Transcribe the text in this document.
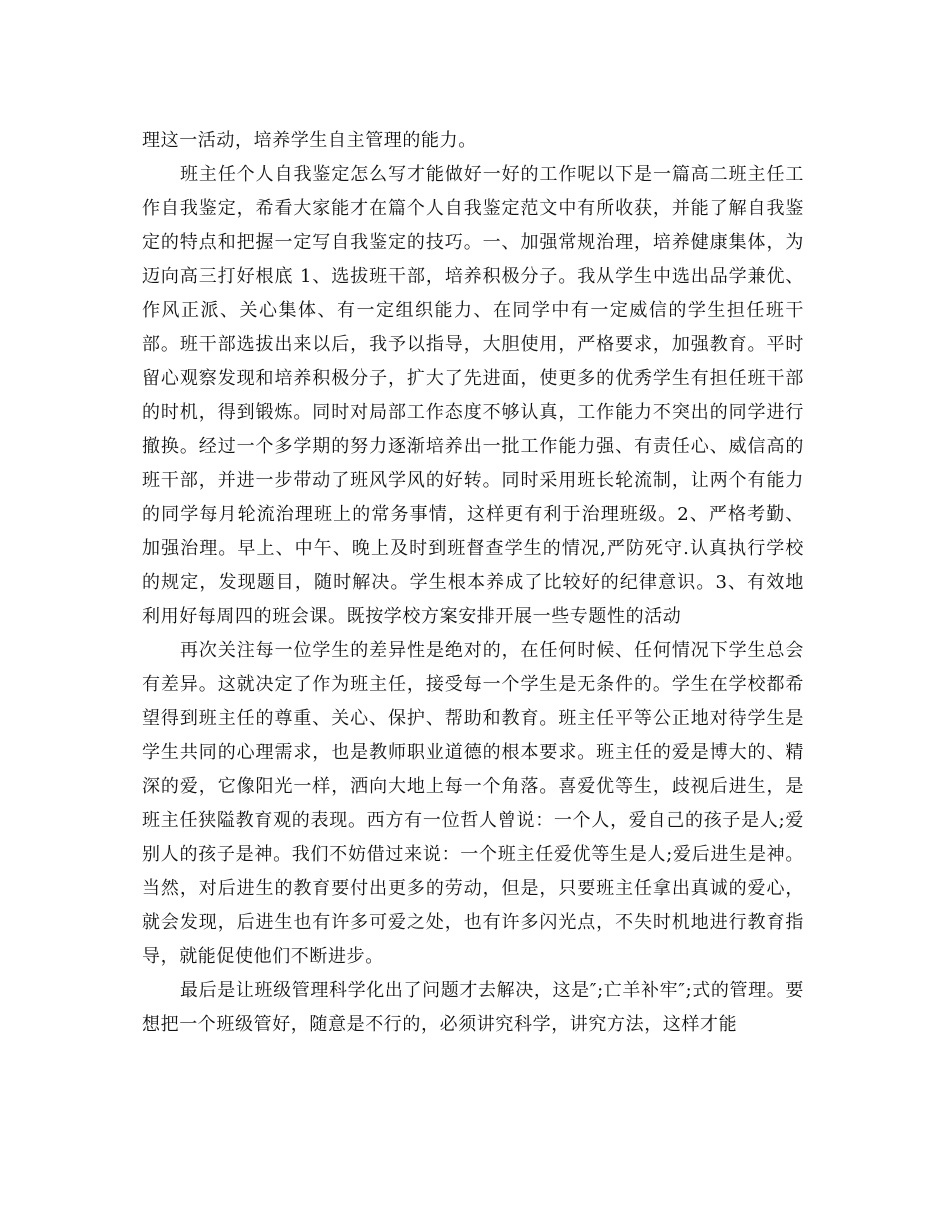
理这一活动，培养学生自主管理的能力。

班主任个人自我鉴定怎么写才能做好一好的工作呢以下是一篇高二班主任工作自我鉴定，希看大家能才在篇个人自我鉴定范文中有所收获，并能了解自我鉴定的特点和把握一定写自我鉴定的技巧。一、加强常规治理，培养健康集体，为迈向高三打好根底 1、选拔班干部，培养积极分子。我从学生中选出品学兼优、作风正派、关心集体、有一定组织能力、在同学中有一定威信的学生担任班干部。班干部选拔出来以后，我予以指导，大胆使用，严格要求，加强教育。平时留心观察发现和培养积极分子，扩大了先进面，使更多的优秀学生有担任班干部的时机，得到锻炼。同时对局部工作态度不够认真，工作能力不突出的同学进行撤换。经过一个多学期的努力逐渐培养出一批工作能力强、有责任心、威信高的班干部，并进一步带动了班风学风的好转。同时采用班长轮流制，让两个有能力的同学每月轮流治理班上的常务事情，这样更有利于治理班级。2、严格考勤、加强治理。早上、中午、晚上及时到班督查学生的情况,严防死守.认真执行学校的规定，发现题目，随时解决。学生根本养成了比较好的纪律意识。3、有效地利用好每周四的班会课。既按学校方案安排开展一些专题性的活动

再次关注每一位学生的差异性是绝对的，在任何时候、任何情况下学生总会有差异。这就决定了作为班主任，接受每一个学生是无条件的。学生在学校都希望得到班主任的尊重、关心、保护、帮助和教育。班主任平等公正地对待学生是学生共同的心理需求，也是教师职业道德的根本要求。班主任的爱是博大的、精深的爱，它像阳光一样，洒向大地上每一个角落。喜爱优等生，歧视后进生，是班主任狭隘教育观的表现。西方有一位哲人曾说：一个人，爱自己的孩子是人;爱别人的孩子是神。我们不妨借过来说：一个班主任爱优等生是人;爱后进生是神。当然，对后进生的教育要付出更多的劳动，但是，只要班主任拿出真诚的爱心，就会发现，后进生也有许多可爱之处，也有许多闪光点，不失时机地进行教育指导，就能促使他们不断进步。

最后是让班级管理科学化出了问题才去解决，这是″;亡羊补牢″;式的管理。要想把一个班级管好，随意是不行的，必须讲究科学，讲究方法，这样才能
